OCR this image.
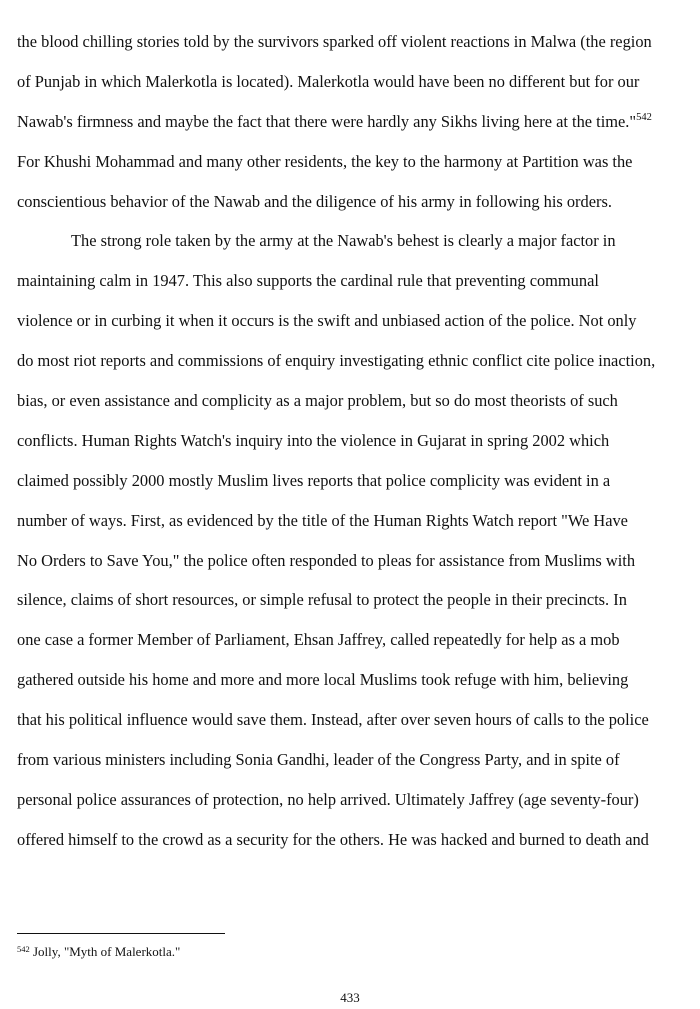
the blood chilling stories told by the survivors sparked off violent reactions in Malwa (the region
of Punjab in which Malerkotla is located). Malerkotla would have been no different but for our
Nawab's firmness and maybe the fact that there were hardly any Sikhs living here at the time."$^{542}$
For Khushi Mohammad and many other residents, the key to the harmony at Partition was the
conscientious behavior of the Nawab and the diligence of his army in following his orders.
The strong role taken by the army at the Nawab's behest is clearly a major factor in
maintaining calm in 1947. This also supports the cardinal rule that preventing communal
violence or in curbing it when it occurs is the swift and unbiased action of the police. Not only
do most riot reports and commissions of enquiry investigating ethnic conflict cite police inaction,
bias, or even assistance and complicity as a major problem, but so do most theorists of such
conflicts. Human Rights Watch's inquiry into the violence in Gujarat in spring 2002 which
claimed possibly 2000 mostly Muslim lives reports that police complicity was evident in a
number of ways. First, as evidenced by the title of the Human Rights Watch report "We Have
No Orders to Save You," the police often responded to pleas for assistance from Muslims with
silence, claims of short resources, or simple refusal to protect the people in their precincts. In
one case a former Member of Parliament, Ehsan Jaffrey, called repeatedly for help as a mob
gathered outside his home and more and more local Muslims took refuge with him, believing
that his political influence would save them. Instead, after over seven hours of calls to the police
from various ministers including Sonia Gandhi, leader of the Congress Party, and in spite of
personal police assurances of protection, no help arrived. Ultimately Jaffrey (age seventy-four)
offered himself to the crowd as a security for the others. He was hacked and burned to death and
$^{542}$ Jolly, "Myth of Malerkotla."
433
